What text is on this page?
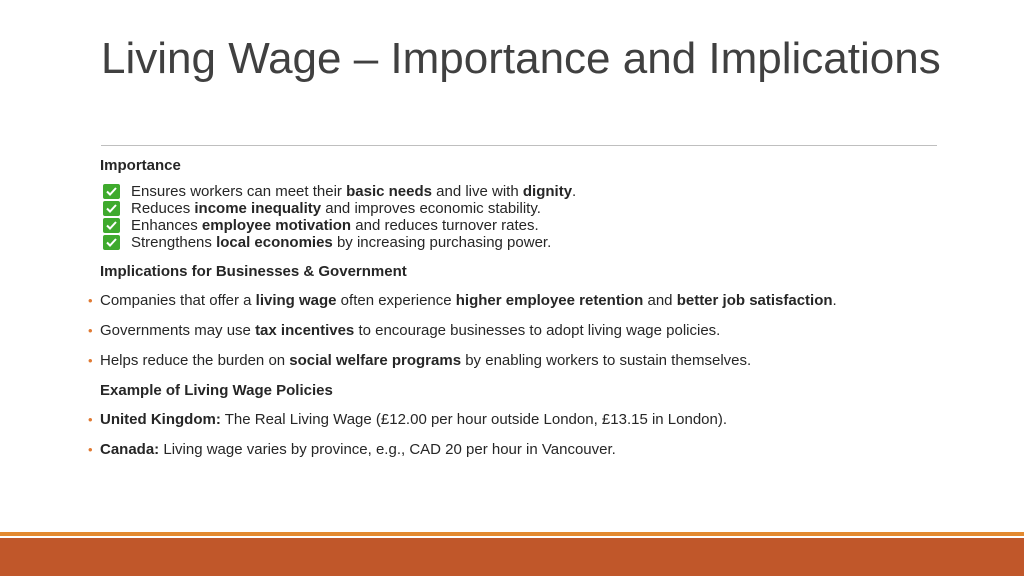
Living Wage – Importance and Implications
Importance
Ensures workers can meet their basic needs and live with dignity.
Reduces income inequality and improves economic stability.
Enhances employee motivation and reduces turnover rates.
Strengthens local economies by increasing purchasing power.
Implications for Businesses & Government
• Companies that offer a living wage often experience higher employee retention and better job satisfaction.
• Governments may use tax incentives to encourage businesses to adopt living wage policies.
• Helps reduce the burden on social welfare programs by enabling workers to sustain themselves.
Example of Living Wage Policies
• United Kingdom: The Real Living Wage (£12.00 per hour outside London, £13.15 in London).
• Canada: Living wage varies by province, e.g., CAD 20 per hour in Vancouver.
